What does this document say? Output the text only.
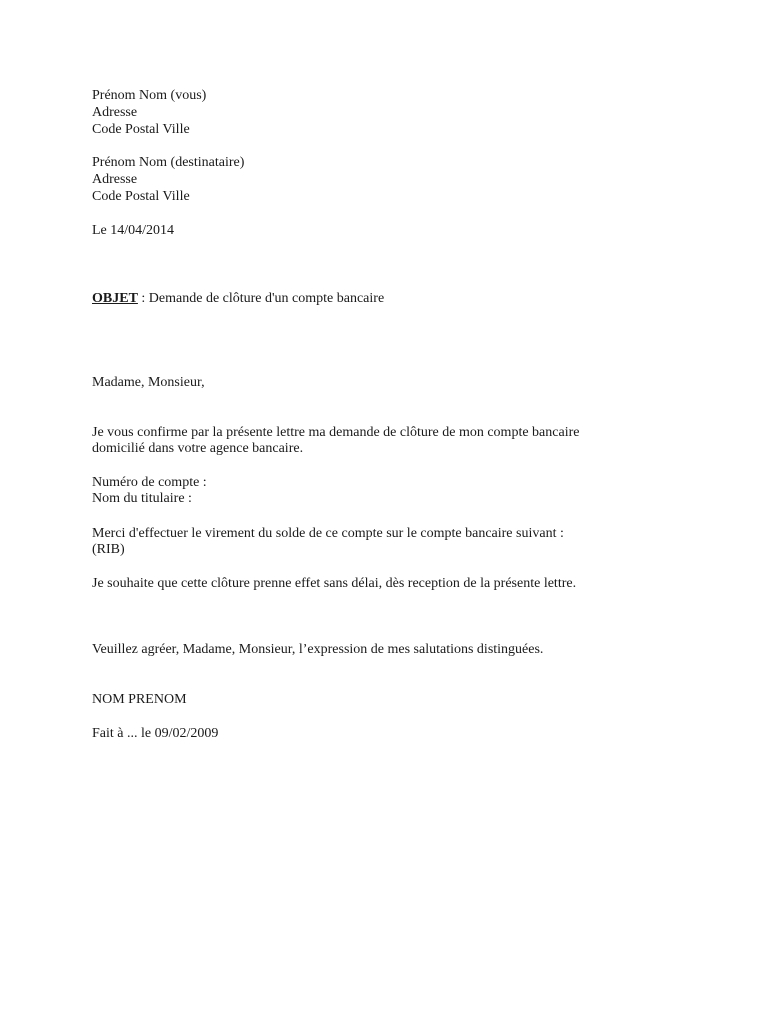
Prénom Nom (vous)
Adresse
Code Postal Ville
Prénom Nom (destinataire)
Adresse
Code Postal Ville
Le 14/04/2014
OBJET : Demande de clôture d'un compte bancaire
Madame, Monsieur,
Je vous confirme par la présente lettre ma demande de clôture de mon compte bancaire
domicilié dans votre agence bancaire.
Numéro de compte :
Nom du titulaire :
Merci d'effectuer le virement du solde de ce compte sur le compte bancaire suivant :
(RIB)
Je souhaite que cette clôture prenne effet sans délai, dès reception de la présente lettre.
Veuillez agréer, Madame, Monsieur, l’expression de mes salutations distinguées.
NOM PRENOM
Fait à ... le 09/02/2009
